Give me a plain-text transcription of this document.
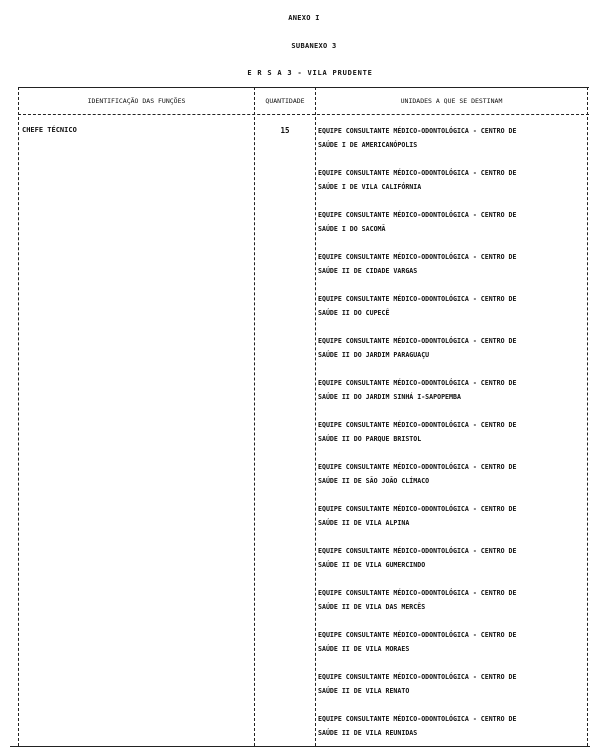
ANEXO I
SUBANEXO 3
E R S A 3 - VILA PRUDENTE
IDENTIFICAÇÃO DAS FUNÇÕES	QUANTIDADE	UNIDADES A QUE SE DESTINAM
CHEFE TÉCNICO	15	EQUIPE CONSULTANTE MÉDICO-ODONTOLÓGICA - CENTRO DE
SAÚDE I DE AMERICANÓPOLIS
EQUIPE CONSULTANTE MÉDICO-ODONTOLÓGICA - CENTRO DE
SAÚDE I DE VILA CALIFÓRNIA
EQUIPE CONSULTANTE MÉDICO-ODONTOLÓGICA - CENTRO DE
SAÚDE I DO SACOMÃ
EQUIPE CONSULTANTE MÉDICO-ODONTOLÓGICA - CENTRO DE
SAÚDE II DE CIDADE VARGAS
EQUIPE CONSULTANTE MÉDICO-ODONTOLÓGICA - CENTRO DE
SAÚDE II DO CUPECÊ
EQUIPE CONSULTANTE MÉDICO-ODONTOLÓGICA - CENTRO DE
SAÚDE II DO JARDIM PARAGUAÇU
EQUIPE CONSULTANTE MÉDICO-ODONTOLÓGICA - CENTRO DE
SAÚDE II DO JARDIM SINHÁ I-SAPOPEMBA
EQUIPE CONSULTANTE MÉDICO-ODONTOLÓGICA - CENTRO DE
SAÚDE II DO PARQUE BRISTOL
EQUIPE CONSULTANTE MÉDICO-ODONTOLÓGICA - CENTRO DE
SAÚDE II DE SÃO JOÃO CLÍMACO
EQUIPE CONSULTANTE MÉDICO-ODONTOLÓGICA - CENTRO DE
SAÚDE II DE VILA ALPINA
EQUIPE CONSULTANTE MÉDICO-ODONTOLÓGICA - CENTRO DE
SAÚDE II DE VILA GUMERCINDO
EQUIPE CONSULTANTE MÉDICO-ODONTOLÓGICA - CENTRO DE
SAÚDE II DE VILA DAS MERCÊS
EQUIPE CONSULTANTE MÉDICO-ODONTOLÓGICA - CENTRO DE
SAÚDE II DE VILA MORAES
EQUIPE CONSULTANTE MÉDICO-ODONTOLÓGICA - CENTRO DE
SAÚDE II DE VILA RENATO
EQUIPE CONSULTANTE MÉDICO-ODONTOLÓGICA - CENTRO DE
SAÚDE II DE VILA REUNIDAS
